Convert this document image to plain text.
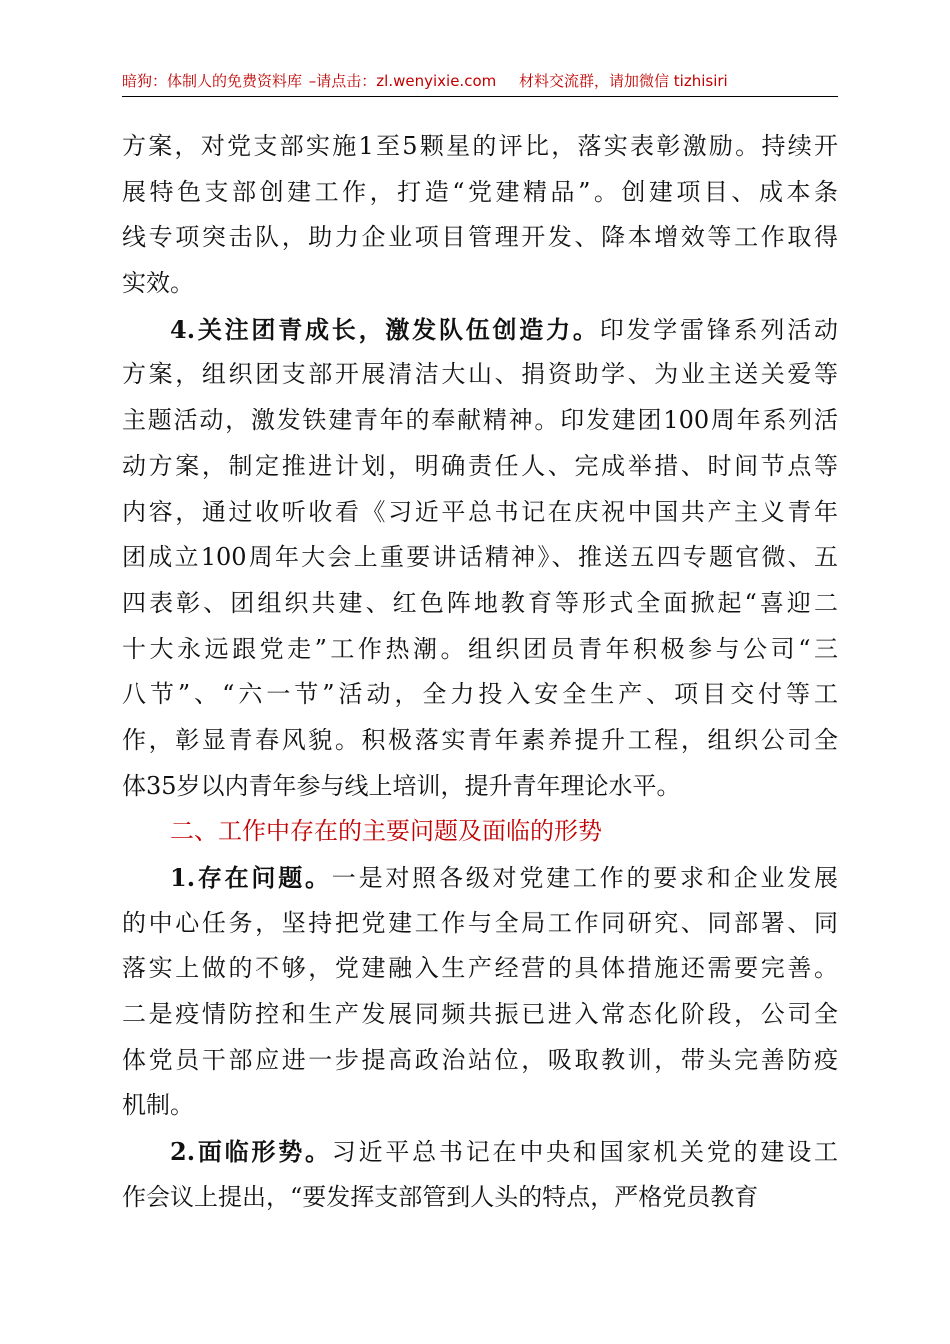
暗狗：体制人的免费资料库 –请点击：zl.wenyixie.com 材料交流群，请加微信 tizhisiri
方案，对党支部实施1至5颗星的评比，落实表彰激励。持续开
展特色支部创建工作，打造“党建精品”。创建项目、成本条
线专项突击队，助力企业项目管理开发、降本增效等工作取得
实效。
4.关注团青成长，激发队伍创造力。印发学雷锋系列活动
方案，组织团支部开展清洁大山、捐资助学、为业主送关爱等
主题活动，激发铁建青年的奉献精神。印发建团100周年系列活
动方案，制定推进计划，明确责任人、完成举措、时间节点等
内容，通过收听收看《习近平总书记在庆祝中国共产主义青年
团成立100周年大会上重要讲话精神》、推送五四专题官微、五
四表彰、团组织共建、红色阵地教育等形式全面掀起“喜迎二
十大永远跟党走”工作热潮。组织团员青年积极参与公司“三
八节”、“六一节”活动，全力投入安全生产、项目交付等工
作，彰显青春风貌。积极落实青年素养提升工程，组织公司全
体35岁以内青年参与线上培训，提升青年理论水平。
二、工作中存在的主要问题及面临的形势
1.存在问题。一是对照各级对党建工作的要求和企业发展
的中心任务，坚持把党建工作与全局工作同研究、同部署、同
落实上做的不够，党建融入生产经营的具体措施还需要完善。
二是疫情防控和生产发展同频共振已进入常态化阶段，公司全
体党员干部应进一步提高政治站位，吸取教训，带头完善防疫
机制。
2.面临形势。习近平总书记在中央和国家机关党的建设工
作会议上提出，“要发挥支部管到人头的特点，严格党员教育
